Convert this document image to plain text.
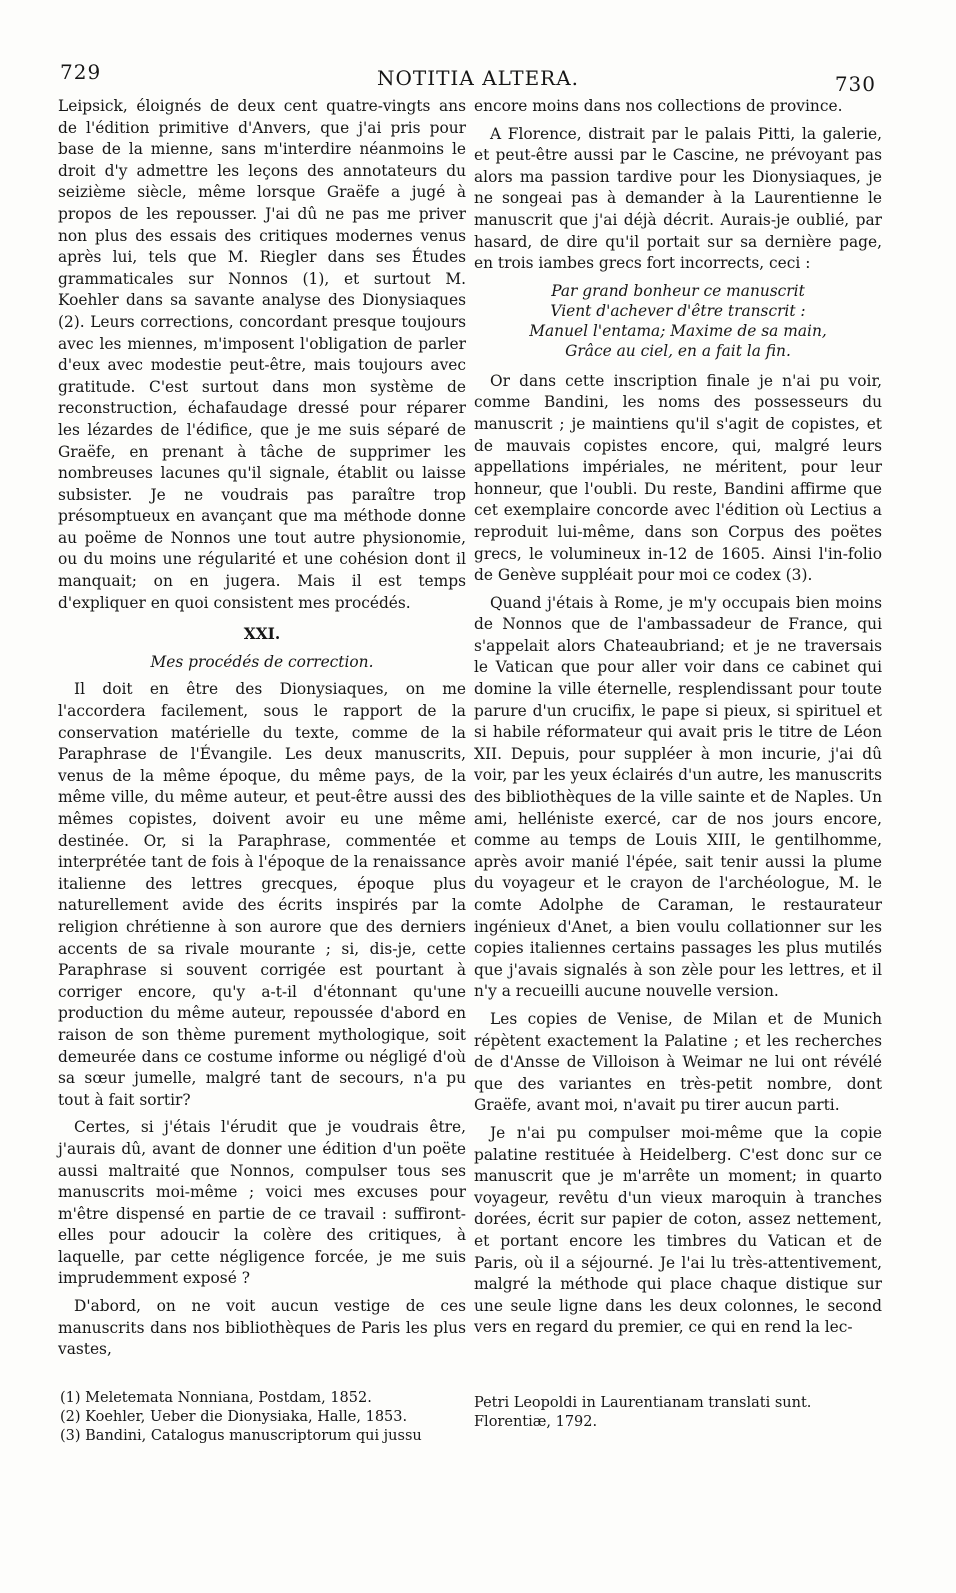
729	NOTITIA ALTERA.	730

Leipsick, éloignés de deux cent quatre-vingts ans de l'édition primitive d'Anvers, que j'ai pris pour base de la mienne, sans m'interdire néanmoins le droit d'y admettre les leçons des annotateurs du seizième siècle, même lorsque Graëfe a jugé à propos de les repousser. J'ai dû ne pas me priver non plus des essais des critiques modernes venus après lui, tels que M. Riegler dans ses Études grammaticales sur Nonnos (1), et surtout M. Koehler dans sa savante analyse des Dionysiaques (2). Leurs corrections, concordant presque toujours avec les miennes, m'imposent l'obligation de parler d'eux avec modestie peut-être, mais toujours avec gratitude. C'est surtout dans mon système de reconstruction, échafaudage dressé pour réparer les lézardes de l'édifice, que je me suis séparé de Graëfe, en prenant à tâche de supprimer les nombreuses lacunes qu'il signale, établit ou laisse subsister. Je ne voudrais pas paraître trop présomptueux en avançant que ma méthode donne au poëme de Nonnos une tout autre physionomie, ou du moins une régularité et une cohésion dont il manquait; on en jugera. Mais il est temps d'expliquer en quoi consistent mes procédés.

XXI.
Mes procédés de correction.

Il doit en être des Dionysiaques, on me l'accordera facilement, sous le rapport de la conservation matérielle du texte, comme de la Paraphrase de l'Évangile. Les deux manuscrits, venus de la même époque, du même pays, de la même ville, du même auteur, et peut-être aussi des mêmes copistes, doivent avoir eu une même destinée. Or, si la Paraphrase, commentée et interprétée tant de fois à l'époque de la renaissance italienne des lettres grecques, époque plus naturellement avide des écrits inspirés par la religion chrétienne à son aurore que des derniers accents de sa rivale mourante ; si, dis-je, cette Paraphrase si souvent corrigée est pourtant à corriger encore, qu'y a-t-il d'étonnant qu'une production du même auteur, repoussée d'abord en raison de son thème purement mythologique, soit demeurée dans ce costume informe ou négligé d'où sa sœur jumelle, malgré tant de secours, n'a pu tout à fait sortir?

Certes, si j'étais l'érudit que je voudrais être, j'aurais dû, avant de donner une édition d'un poëte aussi maltraité que Nonnos, compulser tous ses manuscrits moi-même ; voici mes excuses pour m'être dispensé en partie de ce travail : suffiront-elles pour adoucir la colère des critiques, à laquelle, par cette négligence forcée, je me suis imprudemment exposé ?

D'abord, on ne voit aucun vestige de ces manuscrits dans nos bibliothèques de Paris les plus vastes,

(1) Meletemata Nonniana, Postdam, 1852.
(2) Koehler, Ueber die Dionysiaka, Halle, 1853.
(3) Bandini, Catalogus manuscriptorum qui jussu

encore moins dans nos collections de province.

A Florence, distrait par le palais Pitti, la galerie, et peut-être aussi par le Cascine, ne prévoyant pas alors ma passion tardive pour les Dionysiaques, je ne songeai pas à demander à la Laurentienne le manuscrit que j'ai déjà décrit. Aurais-je oublié, par hasard, de dire qu'il portait sur sa dernière page, en trois iambes grecs fort incorrects, ceci :

Par grand bonheur ce manuscrit
Vient d'achever d'être transcrit :
Manuel l'entama; Maxime de sa main,
Grâce au ciel, en a fait la fin.

Or dans cette inscription finale je n'ai pu voir, comme Bandini, les noms des possesseurs du manuscrit ; je maintiens qu'il s'agit de copistes, et de mauvais copistes encore, qui, malgré leurs appellations impériales, ne méritent, pour leur honneur, que l'oubli. Du reste, Bandini affirme que cet exemplaire concorde avec l'édition où Lectius a reproduit lui-même, dans son Corpus des poëtes grecs, le volumineux in-12 de 1605. Ainsi l'in-folio de Genève suppléait pour moi ce codex (3).

Quand j'étais à Rome, je m'y occupais bien moins de Nonnos que de l'ambassadeur de France, qui s'appelait alors Chateaubriand; et je ne traversais le Vatican que pour aller voir dans ce cabinet qui domine la ville éternelle, resplendissant pour toute parure d'un crucifix, le pape si pieux, si spirituel et si habile réformateur qui avait pris le titre de Léon XII. Depuis, pour suppléer à mon incurie, j'ai dû voir, par les yeux éclairés d'un autre, les manuscrits des bibliothèques de la ville sainte et de Naples. Un ami, helléniste exercé, car de nos jours encore, comme au temps de Louis XIII, le gentilhomme, après avoir manié l'épée, sait tenir aussi la plume du voyageur et le crayon de l'archéologue, M. le comte Adolphe de Caraman, le restaurateur ingénieux d'Anet, a bien voulu collationner sur les copies italiennes certains passages les plus mutilés que j'avais signalés à son zèle pour les lettres, et il n'y a recueilli aucune nouvelle version.

Les copies de Venise, de Milan et de Munich répètent exactement la Palatine ; et les recherches de d'Ansse de Villoison à Weimar ne lui ont révélé que des variantes en très-petit nombre, dont Graëfe, avant moi, n'avait pu tirer aucun parti.

Je n'ai pu compulser moi-même que la copie palatine restituée à Heidelberg. C'est donc sur ce manuscrit que je m'arrête un moment; in quarto voyageur, revêtu d'un vieux maroquin à tranches dorées, écrit sur papier de coton, assez nettement, et portant encore les timbres du Vatican et de Paris, où il a séjourné. Je l'ai lu très-attentivement, malgré la méthode qui place chaque distique sur une seule ligne dans les deux colonnes, le second vers en regard du premier, ce qui en rend la lec-

Petri Leopoldi in Laurentianam translati sunt. Florentiæ, 1792.
